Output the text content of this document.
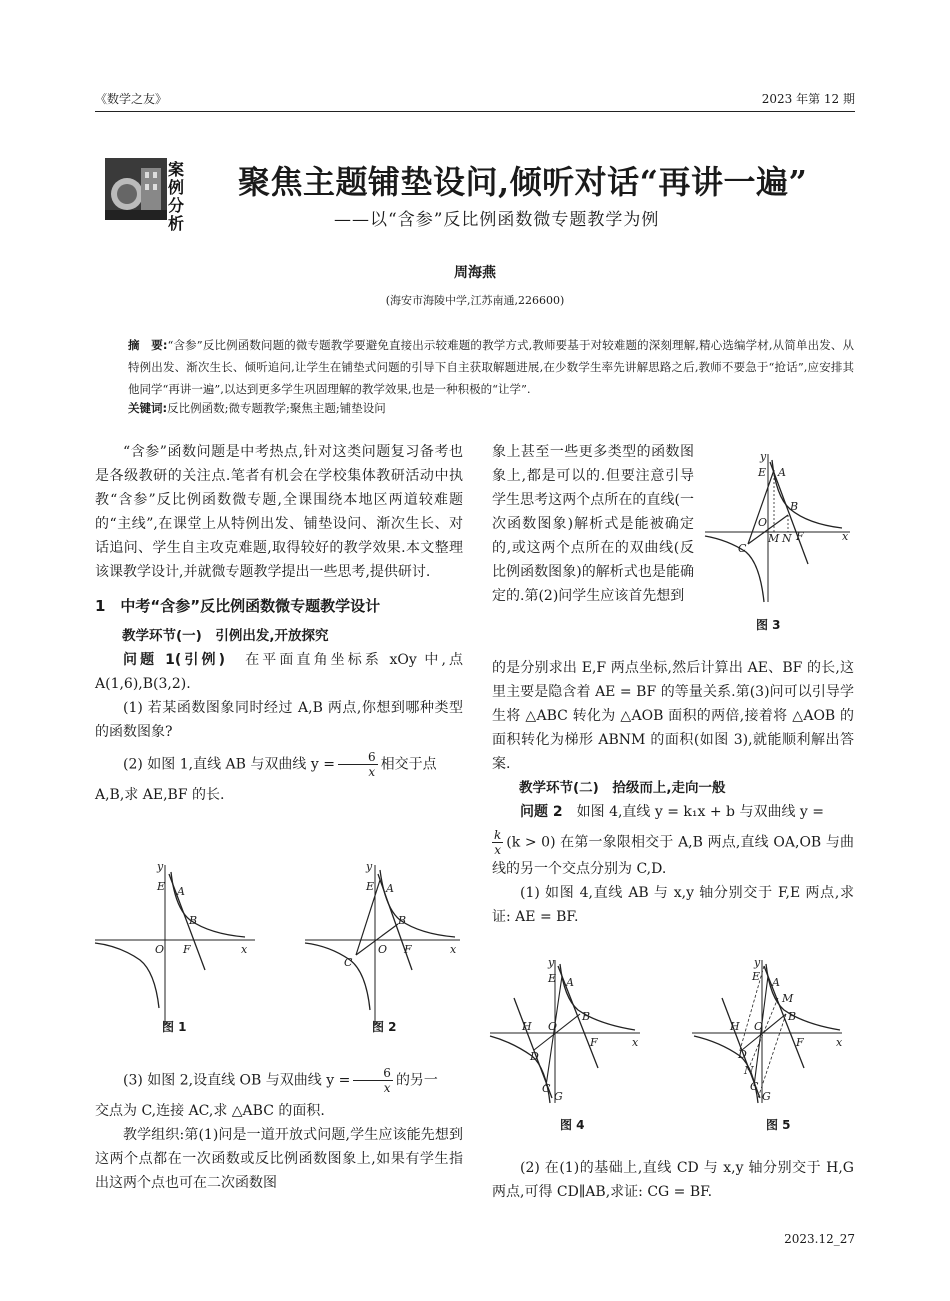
《数学之友》	2023 年第 12 期
案
例
分
析
聚焦主题铺垫设问,倾听对话“再讲一遍”
——以“含参”反比例函数微专题教学为例
周海燕
(海安市海陵中学,江苏南通,226600)
摘　要:“含参”反比例函数问题的微专题教学要避免直接出示较难题的教学方式,教师要基于对较难题的深刻理解,精心选编学材,从简单出发、从特例出发、渐次生长、倾听追问,让学生在铺垫式问题的引导下自主获取解题进展,在少数学生率先讲解思路之后,教师不要急于“抢话”,应安排其他同学“再讲一遍”,以达到更多学生巩固理解的教学效果,也是一种积极的“让学”.
关键词:反比例函数;微专题教学;聚焦主题;铺垫设问

“含参”函数问题是中考热点,针对这类问题复习备考也是各级教研的关注点.笔者有机会在学校集体教研活动中执教“含参”反比例函数微专题,全课围绕本地区两道较难题的“主线”,在课堂上从特例出发、铺垫设问、渐次生长、对话追问、学生自主攻克难题,取得较好的教学效果.本文整理该课教学设计,并就微专题教学提出一些思考,提供研讨.

1　中考“含参”反比例函数微专题教学设计

教学环节(一)　引例出发,开放探究

问题 1(引例)　在平面直角坐标系 xOy 中,点 A(1,6),B(3,2).

(1) 若某函数图象同时经过 A,B 两点,你想到哪种类型的函数图象?

(2) 如图 1,直线 AB 与双曲线 $y = \frac{6}{x}$ 相交于点

A,B,求 AE,BF 的长.

y
E A
B
O F	x
图 1
y
E A
B
C
O F	x
图 2

(3) 如图 2,设直线 OB 与双曲线 $y = \frac{6}{x}$ 的另一

交点为 C,连接 AC,求 △ABC 的面积.

教学组织:第(1)问是一道开放式问题,学生应该能先想到这两个点都在一次函数或反比例函数图象上,如果有学生指出这两个点也可在二次函数图

象上甚至一些更多类型的函数图象上,都是可以的.但要注意引导学生思考这两个点所在的直线(一次函数图象)解析式是能被确定的,或这两个点所在的双曲线(反比例函数图象)的解析式也是能确定的.第(2)问学生应该首先想到
y
E A
B
C
O
M N F	x
图 3

的是分别求出 E,F 两点坐标,然后计算出 AE、BF 的长,这里主要是隐含着 AE = BF 的等量关系.第(3)问可以引导学生将 △ABC 转化为 △AOB 面积的两倍,接着将 △AOB 的面积转化为梯形 ABNM 的面积(如图 3),就能顺利解出答案.

教学环节(二)　拾级而上,走向一般

问题 2　如图 4,直线 y = k₁x + b 与双曲线 y =

$\frac{k}{x} (k > 0)$ 在第一象限相交于 A,B 两点,直线 OA,OB 与曲线的另一个交点分别为 C,D.

(1) 如图 4,直线 AB 与 x,y 轴分别交于 F,E 两点,求证: AE = BF.

y
E A
B
H O
F
D
C
G
x
图 4
y
E A
M
B
H O
F
D
N
C
G
x
图 5

(2) 在(1)的基础上,直线 CD 与 x,y 轴分别交于 H,G 两点,可得 CD∥AB,求证: CG = BF.

2023.12_27
